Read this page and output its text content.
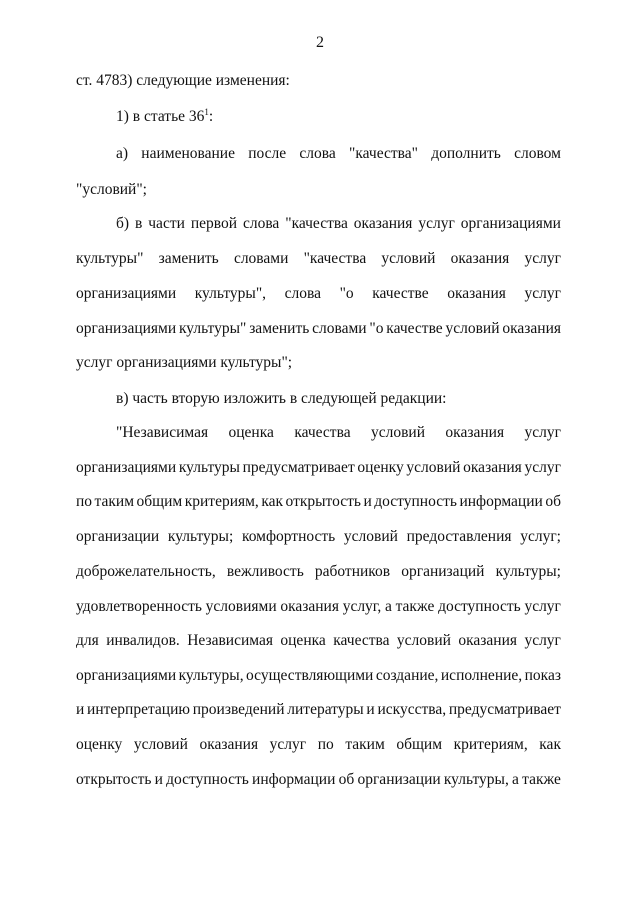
2
ст. 4783) следующие изменения:
1) в статье $36^1$:
а) наименование после слова "качества" дополнить словом
"условий";
б) в части первой слова "качества оказания услуг организациями
культуры" заменить словами "качества условий оказания услуг
организациями культуры", слова "о качестве оказания услуг
организациями культуры" заменить словами "о качестве условий оказания
услуг организациями культуры";
в) часть вторую изложить в следующей редакции:
"Независимая оценка качества условий оказания услуг
организациями культуры предусматривает оценку условий оказания услуг
по таким общим критериям, как открытость и доступность информации об
организации культуры; комфортность условий предоставления услуг;
доброжелательность, вежливость работников организаций культуры;
удовлетворенность условиями оказания услуг, а также доступность услуг
для инвалидов. Независимая оценка качества условий оказания услуг
организациями культуры, осуществляющими создание, исполнение, показ
и интерпретацию произведений литературы и искусства, предусматривает
оценку условий оказания услуг по таким общим критериям, как
открытость и доступность информации об организации культуры, а также
